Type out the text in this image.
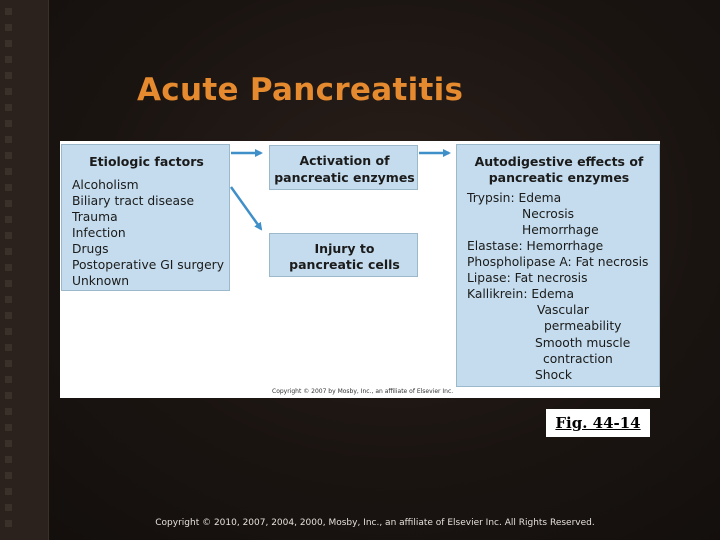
Acute Pancreatitis
Etiologic factors
Alcoholism
Biliary tract disease
Trauma
Infection
Drugs
Postoperative GI surgery
Unknown
Activation of
pancreatic enzymes
Injury to
pancreatic cells
Autodigestive effects of
pancreatic enzymes
Trypsin: Edema
Necrosis
Hemorrhage
Elastase: Hemorrhage
Phospholipase A: Fat necrosis
Lipase: Fat necrosis
Kallikrein: Edema
Vascular
permeability
Smooth muscle
contraction
Shock
Copyright © 2007 by Mosby, Inc., an affiliate of Elsevier Inc.
Fig. 44-14
Copyright © 2010, 2007, 2004, 2000, Mosby, Inc., an affiliate of Elsevier Inc. All Rights Reserved.
